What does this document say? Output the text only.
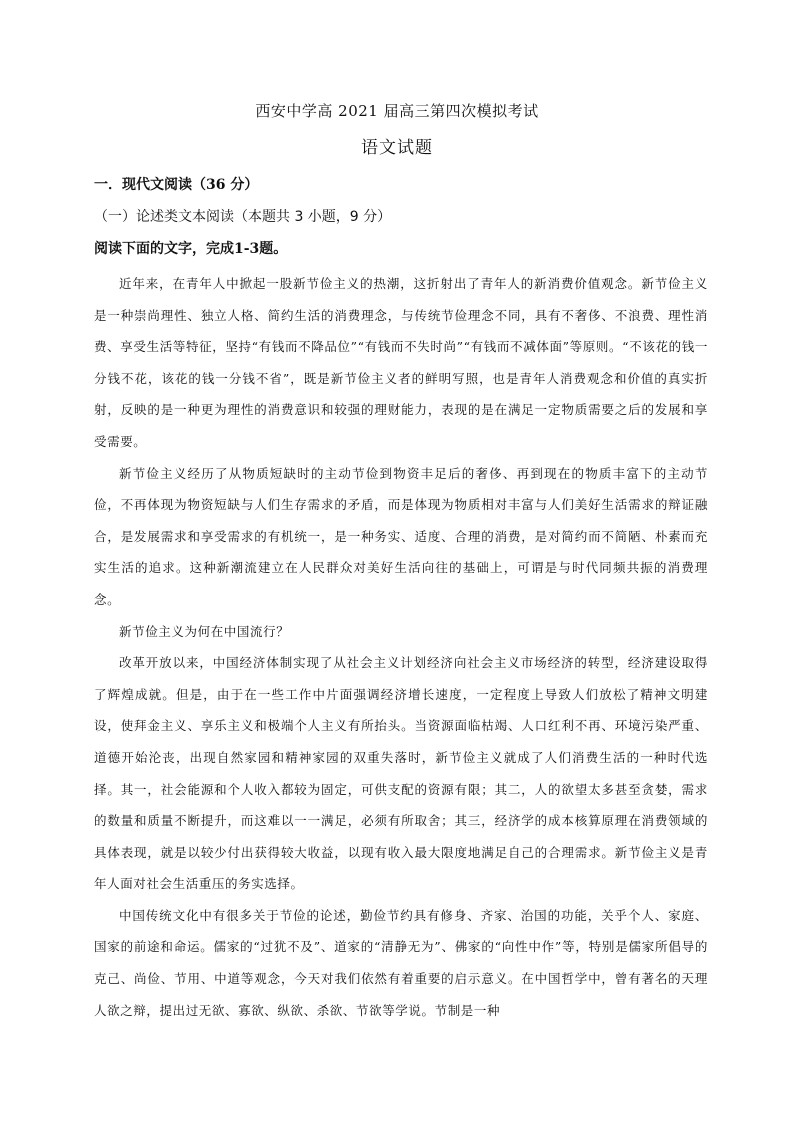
西安中学高 2021 届高三第四次模拟考试
语文试题
一．现代文阅读（36 分）
（一）论述类文本阅读（本题共 3 小题，9 分）
阅读下面的文字，完成1-3题。

近年来，在青年人中掀起一股新节俭主义的热潮，这折射出了青年人的新消费价值观念。新节俭主义是一种崇尚理性、独立人格、简约生活的消费理念，与传统节俭理念不同，具有不奢侈、不浪费、理性消费、享受生活等特征，坚持“有钱而不降品位”“有钱而不失时尚”“有钱而不减体面”等原则。“不该花的钱一分钱不花，该花的钱一分钱不省”，既是新节俭主义者的鲜明写照，也是青年人消费观念和价值的真实折射，反映的是一种更为理性的消费意识和较强的理财能力，表现的是在满足一定物质需要之后的发展和享受需要。

新节俭主义经历了从物质短缺时的主动节俭到物资丰足后的奢侈、再到现在的物质丰富下的主动节俭，不再体现为物资短缺与人们生存需求的矛盾，而是体现为物质相对丰富与人们美好生活需求的辩证融合，是发展需求和享受需求的有机统一，是一种务实、适度、合理的消费，是对简约而不简陋、朴素而充实生活的追求。这种新潮流建立在人民群众对美好生活向往的基础上，可谓是与时代同频共振的消费理念。

新节俭主义为何在中国流行？

改革开放以来，中国经济体制实现了从社会主义计划经济向社会主义市场经济的转型，经济建设取得了辉煌成就。但是，由于在一些工作中片面强调经济增长速度，一定程度上导致人们放松了精神文明建设，使拜金主义、享乐主义和极端个人主义有所抬头。当资源面临枯竭、人口红利不再、环境污染严重、道德开始沦丧，出现自然家园和精神家园的双重失落时，新节俭主义就成了人们消费生活的一种时代选择。其一，社会能源和个人收入都较为固定，可供支配的资源有限；其二，人的欲望太多甚至贪婪，需求的数量和质量不断提升，而这难以一一满足，必须有所取舍；其三，经济学的成本核算原理在消费领域的具体表现，就是以较少付出获得较大收益，以现有收入最大限度地满足自己的合理需求。新节俭主义是青年人面对社会生活重压的务实选择。

中国传统文化中有很多关于节俭的论述，勤俭节约具有修身、齐家、治国的功能，关乎个人、家庭、国家的前途和命运。儒家的“过犹不及”、道家的“清静无为”、佛家的“向性中作”等，特别是儒家所倡导的克己、尚俭、节用、中道等观念，今天对我们依然有着重要的启示意义。在中国哲学中，曾有著名的天理人欲之辩，提出过无欲、寡欲、纵欲、杀欲、节欲等学说。节制是一种
